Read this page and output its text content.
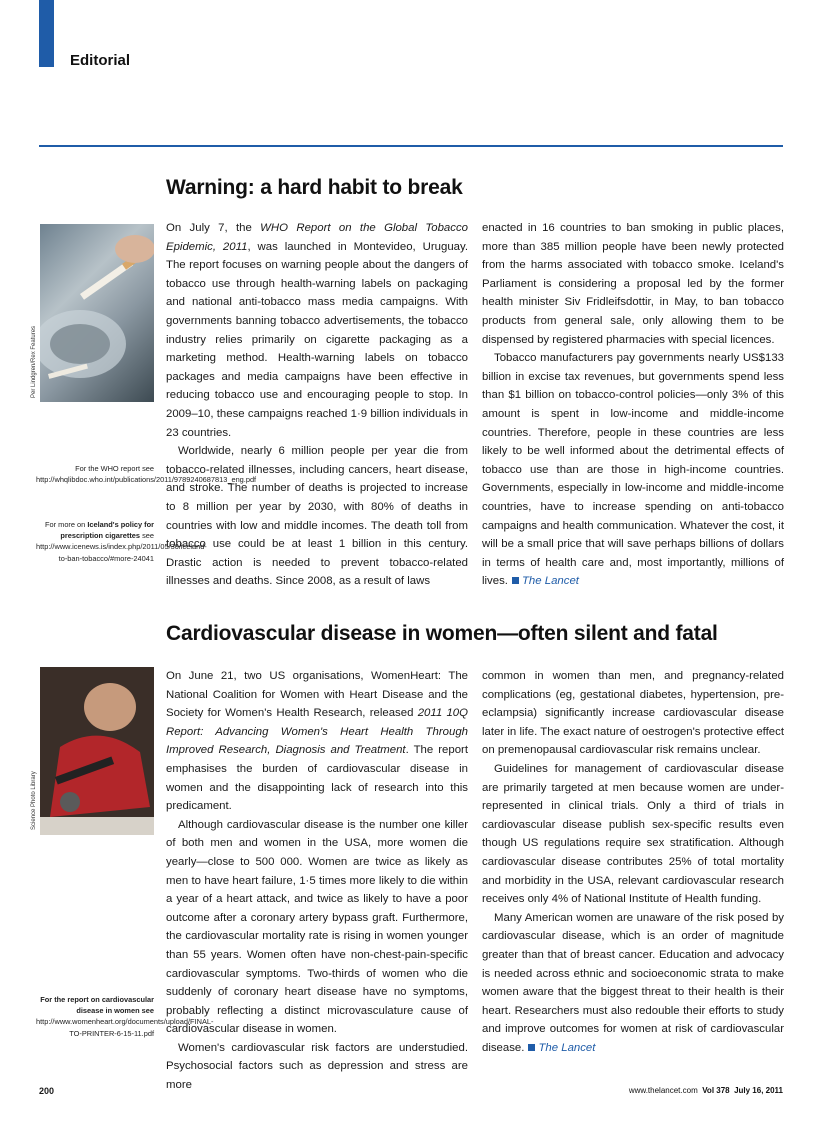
Editorial
Warning: a hard habit to break
Per Lindgren/Rex Features
For the WHO report see http://whqlibdoc.who.int/publications/2011/9789240687813_eng.pdf
For more on Iceland's policy for prescription cigarettes see http://www.icenews.is/index.php/2011/05/30/iceland-to-ban-tobacco/#more-24041

On July 7, the WHO Report on the Global Tobacco Epidemic, 2011, was launched in Montevideo, Uruguay. The report focuses on warning people about the dangers of tobacco use through health-warning labels on packaging and national anti-tobacco mass media campaigns. With governments banning tobacco advertisements, the tobacco industry relies primarily on cigarette packaging as a marketing method. Health-warning labels on tobacco packages and media campaigns have been effective in reducing tobacco use and encouraging people to stop. In 2009–10, these campaigns reached 1·9 billion individuals in 23 countries.

Worldwide, nearly 6 million people per year die from tobacco-related illnesses, including cancers, heart disease, and stroke. The number of deaths is projected to increase to 8 million per year by 2030, with 80% of deaths in countries with low and middle incomes. The death toll from tobacco use could be at least 1 billion in this century. Drastic action is needed to prevent tobacco-related illnesses and deaths. Since 2008, as a result of laws

enacted in 16 countries to ban smoking in public places, more than 385 million people have been newly protected from the harms associated with tobacco smoke. Iceland's Parliament is considering a proposal led by the former health minister Siv Fridleifsdottir, in May, to ban tobacco products from general sale, only allowing them to be dispensed by registered pharmacies with special licences.

Tobacco manufacturers pay governments nearly US$133 billion in excise tax revenues, but governments spend less than $1 billion on tobacco-control policies—only 3% of this amount is spent in low-income and middle-income countries. Therefore, people in these countries are less likely to be well informed about the detrimental effects of tobacco use than are those in high-income countries. Governments, especially in low-income and middle-income countries, have to increase spending on anti-tobacco campaigns and health communication. Whatever the cost, it will be a small price that will save perhaps billions of dollars in terms of health care and, most importantly, millions of lives. The Lancet

Cardiovascular disease in women—often silent and fatal
Science Photo Library
For the report on cardiovascular disease in women see http://www.womenheart.org/documents/upload/FINAL-TO-PRINTER-6-15-11.pdf

On June 21, two US organisations, WomenHeart: The National Coalition for Women with Heart Disease and the Society for Women's Health Research, released 2011 10Q Report: Advancing Women's Heart Health Through Improved Research, Diagnosis and Treatment. The report emphasises the burden of cardiovascular disease in women and the disappointing lack of research into this predicament.

Although cardiovascular disease is the number one killer of both men and women in the USA, more women die yearly—close to 500 000. Women are twice as likely as men to have heart failure, 1·5 times more likely to die within a year of a heart attack, and twice as likely to have a poor outcome after a coronary artery bypass graft. Furthermore, the cardiovascular mortality rate is rising in women younger than 55 years. Women often have non-chest-pain-specific cardiovascular symptoms. Two-thirds of women who die suddenly of coronary heart disease have no symptoms, probably reflecting a distinct microvasculature cause of cardiovascular disease in women.

Women's cardiovascular risk factors are understudied. Psychosocial factors such as depression and stress are more

common in women than men, and pregnancy-related complications (eg, gestational diabetes, hypertension, pre-eclampsia) significantly increase cardiovascular disease later in life. The exact nature of oestrogen's protective effect on premenopausal cardiovascular risk remains unclear.

Guidelines for management of cardiovascular disease are primarily targeted at men because women are under-represented in clinical trials. Only a third of trials in cardiovascular disease publish sex-specific results even though US regulations require sex stratification. Although cardiovascular disease contributes 25% of total mortality and morbidity in the USA, relevant cardiovascular research receives only 4% of National Institute of Health funding.

Many American women are unaware of the risk posed by cardiovascular disease, which is an order of magnitude greater than that of breast cancer. Education and advocacy is needed across ethnic and socioeconomic strata to make women aware that the biggest threat to their health is their heart. Researchers must also redouble their efforts to study and improve outcomes for women at risk of cardiovascular disease. The Lancet

200	www.thelancet.com Vol 378 July 16, 2011
